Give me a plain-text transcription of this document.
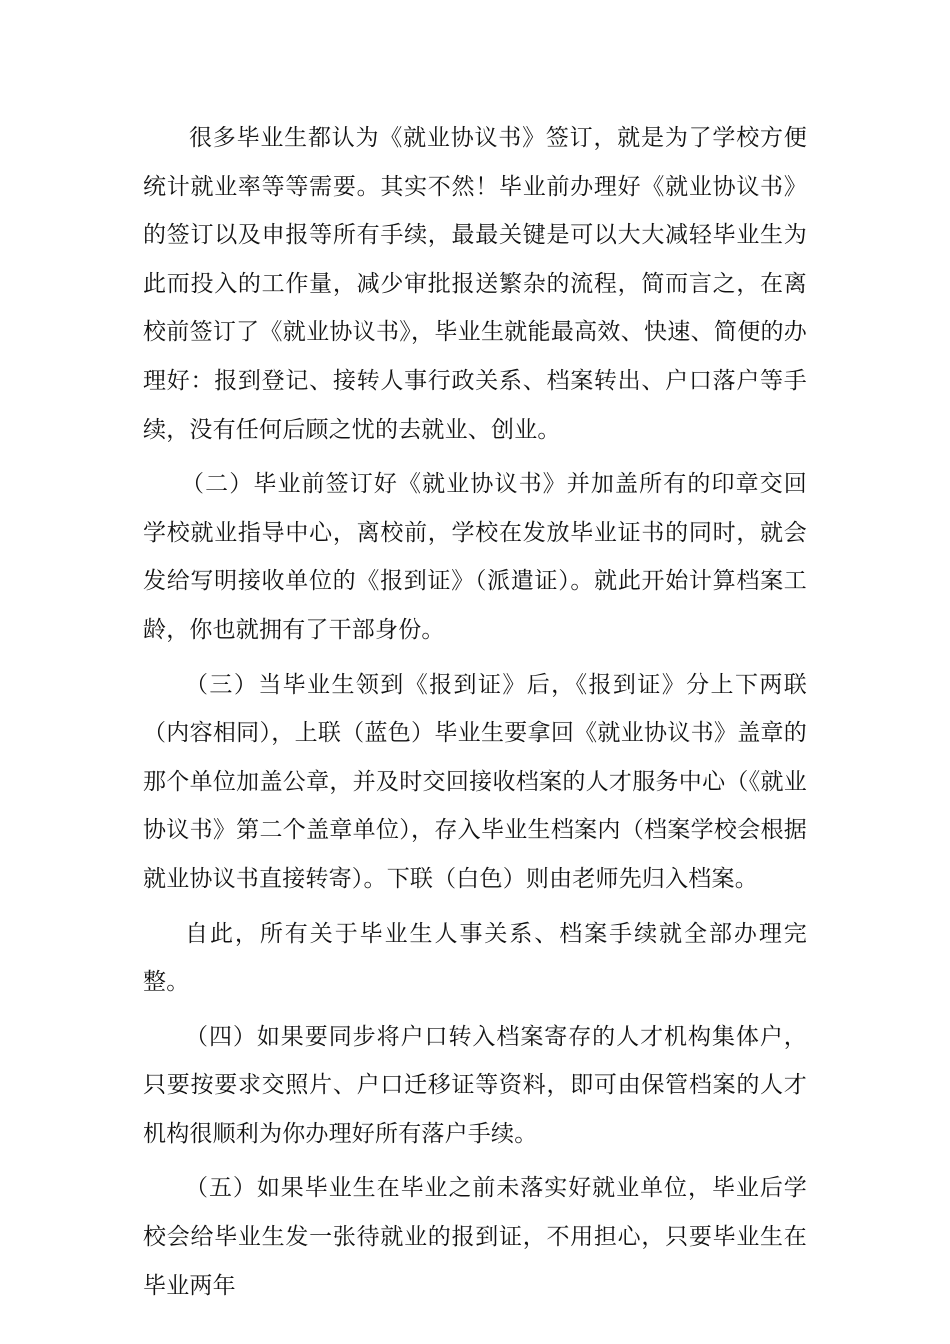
很多毕业生都认为《就业协议书》签订，就是为了学校方便统计就业率等等需要。其实不然！毕业前办理好《就业协议书》的签订以及申报等所有手续，最最关键是可以大大减轻毕业生为此而投入的工作量，减少审批报送繁杂的流程，简而言之，在离校前签订了《就业协议书》，毕业生就能最高效、快速、简便的办理好：报到登记、接转人事行政关系、档案转出、户口落户等手续，没有任何后顾之忧的去就业、创业。

（二）毕业前签订好《就业协议书》并加盖所有的印章交回学校就业指导中心，离校前，学校在发放毕业证书的同时，就会发给写明接收单位的《报到证》（派遣证）。就此开始计算档案工龄，你也就拥有了干部身份。

（三）当毕业生领到《报到证》后，《报到证》分上下两联（内容相同），上联（蓝色）毕业生要拿回《就业协议书》盖章的那个单位加盖公章，并及时交回接收档案的人才服务中心（《就业协议书》第二个盖章单位），存入毕业生档案内（档案学校会根据就业协议书直接转寄）。下联（白色）则由老师先归入档案。

自此，所有关于毕业生人事关系、档案手续就全部办理完整。

（四）如果要同步将户口转入档案寄存的人才机构集体户，只要按要求交照片、户口迁移证等资料，即可由保管档案的人才机构很顺利为你办理好所有落户手续。

（五）如果毕业生在毕业之前未落实好就业单位，毕业后学校会给毕业生发一张待就业的报到证，不用担心，只要毕业生在毕业两年
